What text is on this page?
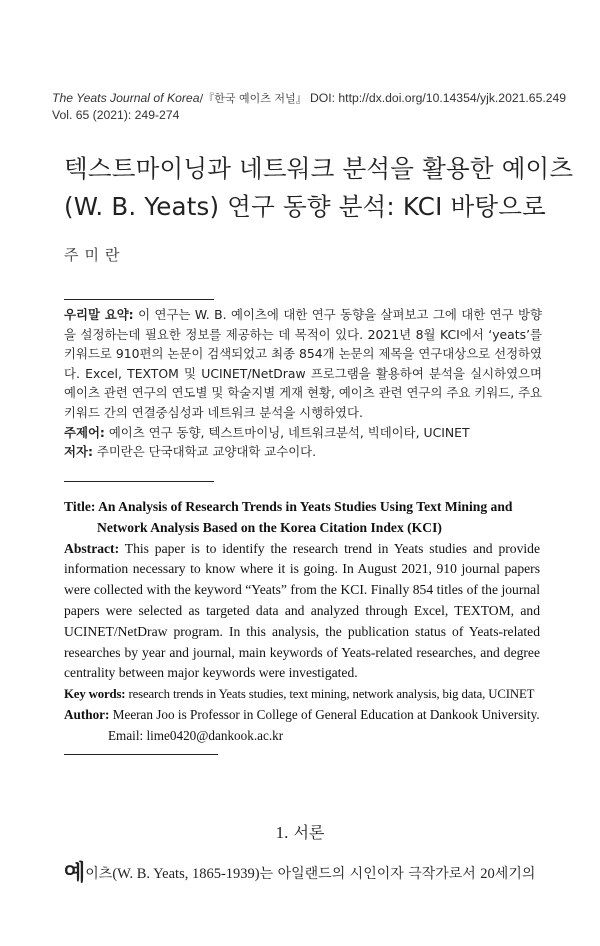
The Yeats Journal of Korea/『한국 예이츠 저널』 DOI: http://dx.doi.org/10.14354/yjk.2021.65.249
Vol. 65 (2021): 249-274
텍스트마이닝과 네트워크 분석을 활용한 예이츠
(W. B. Yeats) 연구 동향 분석: KCI 바탕으로
주미란

우리말 요약: 이 연구는 W. B. 예이츠에 대한 연구 동향을 살펴보고 그에 대한 연구 방향을 설정하는데 필요한 정보를 제공하는 데 목적이 있다. 2021년 8월 KCI에서 ‘yeats’를 키워드로 910편의 논문이 검색되었고 최종 854개 논문의 제목을 연구대상으로 선정하였다. Excel, TEXTOM 및 UCINET/NetDraw 프로그램을 활용하여 분석을 실시하였으며 예이츠 관련 연구의 연도별 및 학술지별 게재 현황, 예이츠 관련 연구의 주요 키워드, 주요 키워드 간의 연결중심성과 네트워크 분석을 시행하였다.

주제어: 예이츠 연구 동향, 텍스트마이닝, 네트워크분석, 빅데이타, UCINET

저자: 주미란은 단국대학교 교양대학 교수이다.

Title: An Analysis of Research Trends in Yeats Studies Using Text Mining and
Network Analysis Based on the Korea Citation Index (KCI)

Abstract: This paper is to identify the research trend in Yeats studies and provide information necessary to know where it is going. In August 2021, 910 journal papers were collected with the keyword “Yeats” from the KCI. Finally 854 titles of the journal papers were selected as targeted data and analyzed through Excel, TEXTOM, and UCINET/NetDraw program. In this analysis, the publication status of Yeats-related researches by year and journal, main keywords of Yeats-related researches, and degree centrality between major keywords were investigated.

Key words: research trends in Yeats studies, text mining, network analysis, big data, UCINET

Author: Meeran Joo is Professor in College of General Education at Dankook University.
Email: lime0420@dankook.ac.kr

1. 서론
예이츠(W. B. Yeats, 1865-1939)는 아일랜드의 시인이자 극작가로서 20세기의
